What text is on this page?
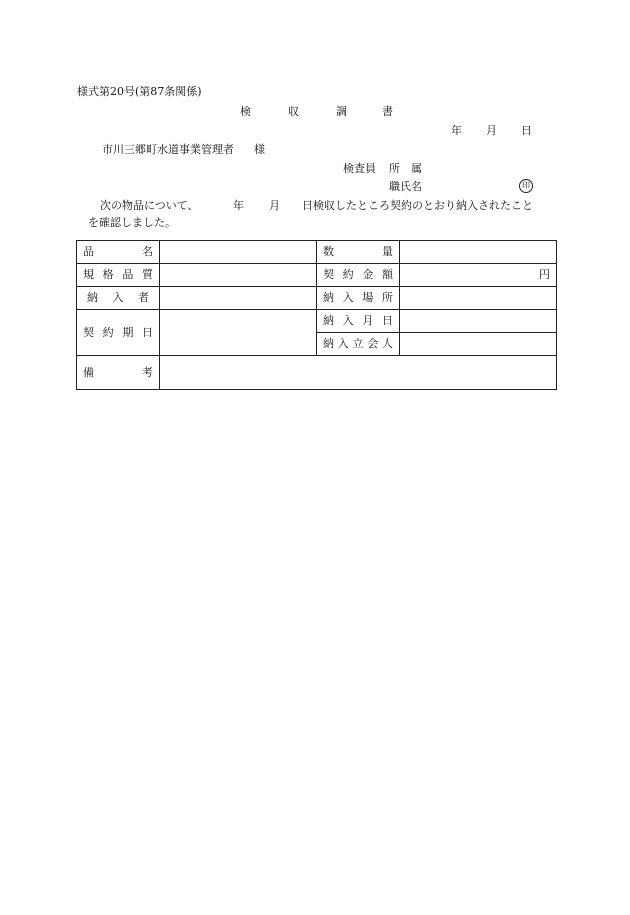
様式第20号(第87条関係)
検	収	調	書
年 月 日
市川三郷町水道事業管理者 様
検査員 所　属
職氏名	印
次の物品について、	年 月 日検収したところ契約のとおり納入されたこと
を確認しました。
品　　名		数　　量	
規格品質		契約金額	円
納入者		納入場所	
契約期日		納入月日	
		納入立会人	
備　　考			
